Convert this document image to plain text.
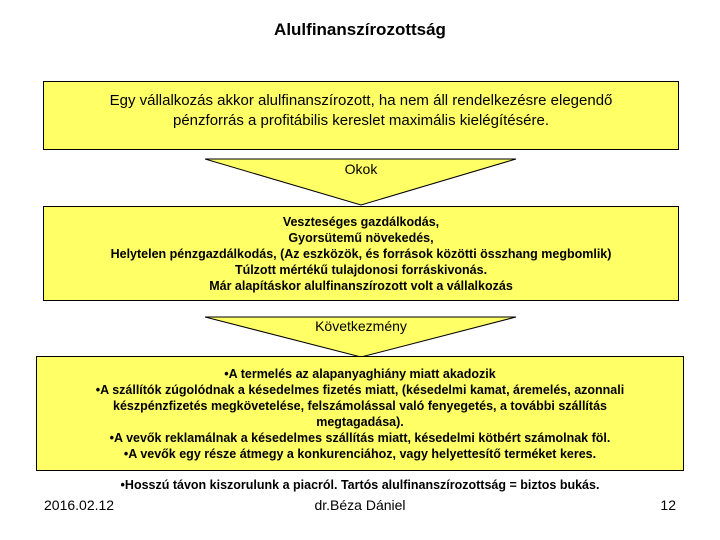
Alulfinanszírozottság
Egy vállalkozás akkor alulfinanszírozott, ha nem áll rendelkezésre elegendő
pénzforrás a profitábilis kereslet maximális kielégítésére.
Okok
Veszteséges gazdálkodás,
Gyorsütemű növekedés,
Helytelen pénzgazdálkodás, (Az eszközök, és források közötti összhang megbomlik)
Túlzott mértékű tulajdonosi forráskivonás.
Már alapításkor alulfinanszírozott volt a vállalkozás
Következmény
•A termelés az alapanyaghiány miatt akadozik
•A szállítók zúgolódnak a késedelmes fizetés miatt, (késedelmi kamat, áremelés, azonnali
készpénzfizetés megkövetelése, felszámolással való fenyegetés, a további szállítás
megtagadása).
•A vevők reklamálnak a késedelmes szállítás miatt, késedelmi kötbért számolnak föl.
•A vevők egy része átmegy a konkurenciához, vagy helyettesítő terméket keres.
•Hosszú távon kiszorulunk a piacról. Tartós alulfinanszírozottság = biztos bukás.
2016.02.12	dr.Béza Dániel	12
